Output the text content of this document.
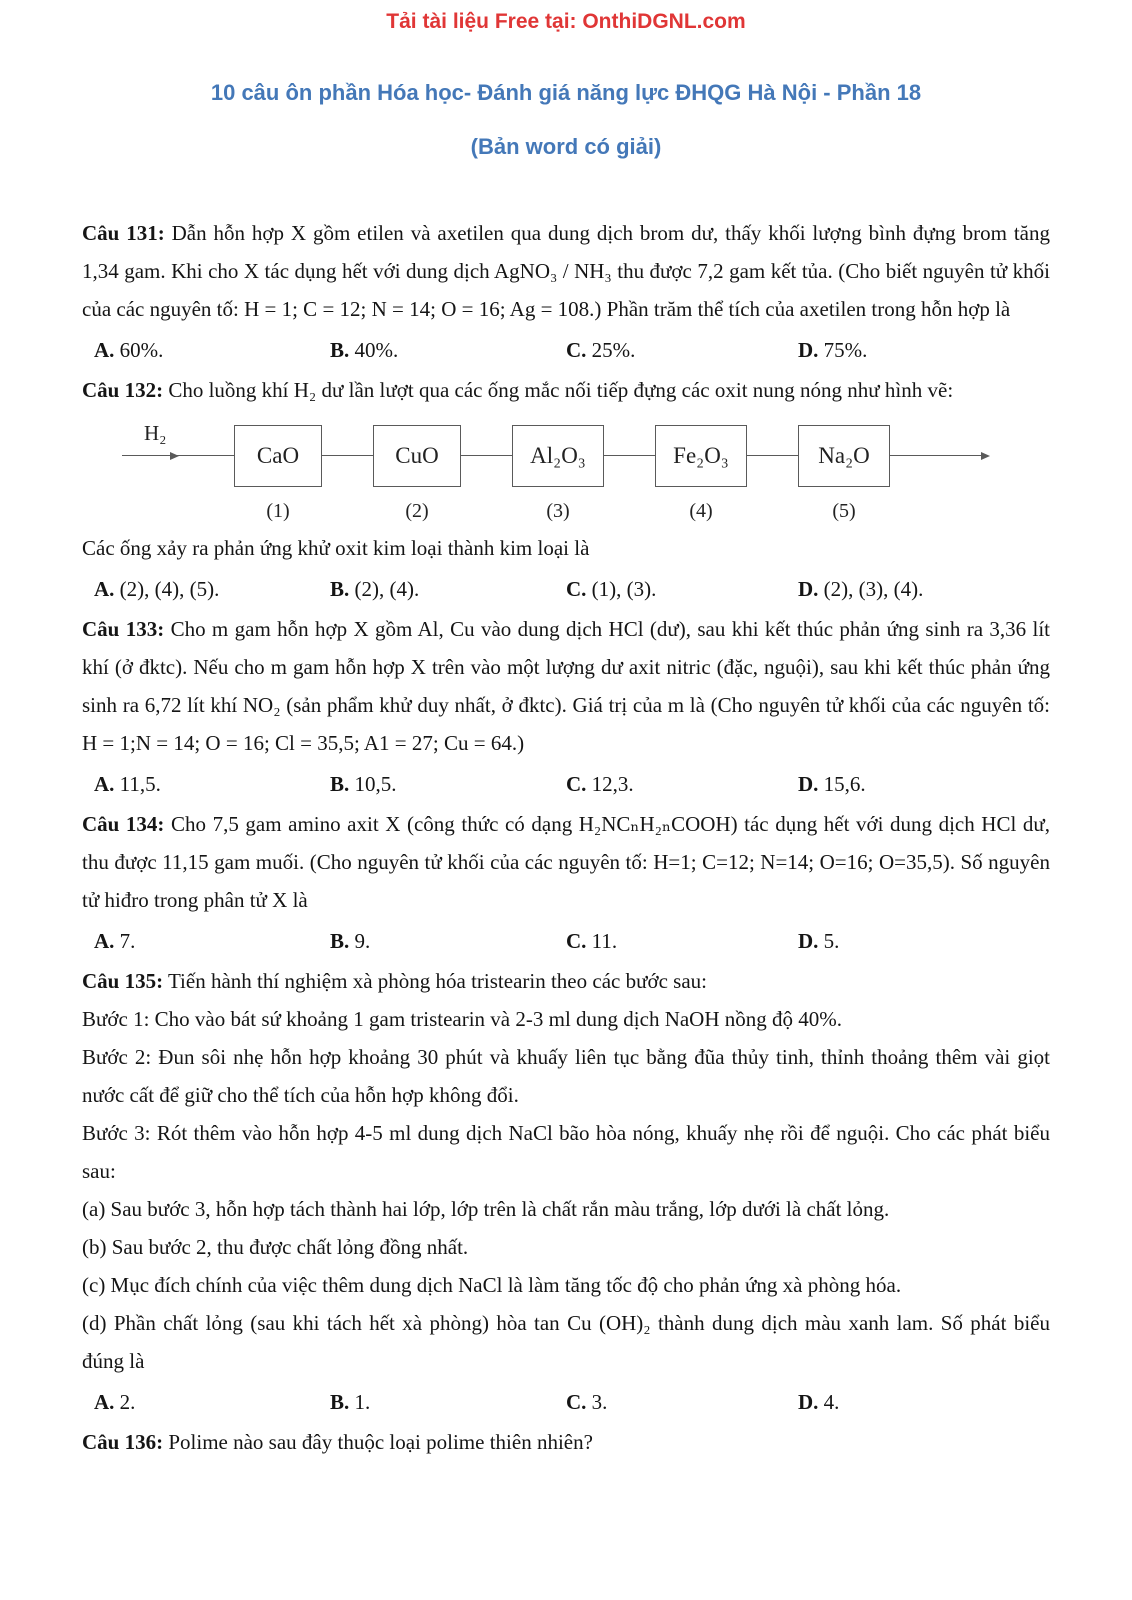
Tải tài liệu Free tại: OnthiDGNL.com
10 câu ôn phần Hóa học- Đánh giá năng lực ĐHQG Hà Nội - Phần 18
(Bản word có giải)

Câu 131: Dẫn hỗn hợp X gồm etilen và axetilen qua dung dịch brom dư, thấy khối lượng bình đựng brom tăng 1,34 gam. Khi cho X tác dụng hết với dung dịch AgNO₃ / NH₃ thu được 7,2 gam kết tủa. (Cho biết nguyên tử khối của các nguyên tố: H = 1; C = 12; N = 14; O = 16; Ag = 108.) Phần trăm thể tích của axetilen trong hỗn hợp là

A. 60%.	B. 40%.	C. 25%.	D. 75%.

Câu 132: Cho luồng khí H₂ dư lần lượt qua các ống mắc nối tiếp đựng các oxit nung nóng như hình vẽ:

H₂
CaO
(1)
CuO
(2)
Al₂O₃
(3)
Fe₂O₃
(4)
Na₂O
(5)

Các ống xảy ra phản ứng khử oxit kim loại thành kim loại là

A. (2), (4), (5).	B. (2), (4).	C. (1), (3).	D. (2), (3), (4).

Câu 133: Cho m gam hỗn hợp X gồm Al, Cu vào dung dịch HCl (dư), sau khi kết thúc phản ứng sinh ra 3,36 lít khí (ở đktc). Nếu cho m gam hỗn hợp X trên vào một lượng dư axit nitric (đặc, nguội), sau khi kết thúc phản ứng sinh ra 6,72 lít khí NO₂ (sản phẩm khử duy nhất, ở đktc). Giá trị của m là (Cho nguyên tử khối của các nguyên tố: H = 1;N = 14; O = 16; Cl = 35,5; A1 = 27; Cu = 64.)

A. 11,5.	B. 10,5.	C. 12,3.	D. 15,6.

Câu 134: Cho 7,5 gam amino axit X (công thức có dạng H₂NCₙH₂ₙCOOH) tác dụng hết với dung dịch HCl dư, thu được 11,15 gam muối. (Cho nguyên tử khối của các nguyên tố: H=1; C=12; N=14; O=16; O=35,5). Số nguyên tử hiđro trong phân tử X là

A. 7.	B. 9.	C. 11.	D. 5.

Câu 135: Tiến hành thí nghiệm xà phòng hóa tristearin theo các bước sau:

Bước 1: Cho vào bát sứ khoảng 1 gam tristearin và 2-3 ml dung dịch NaOH nồng độ 40%.

Bước 2: Đun sôi nhẹ hỗn hợp khoảng 30 phút và khuấy liên tục bằng đũa thủy tinh, thỉnh thoảng thêm vài giọt nước cất để giữ cho thể tích của hỗn hợp không đổi.

Bước 3: Rót thêm vào hỗn hợp 4-5 ml dung dịch NaCl bão hòa nóng, khuấy nhẹ rồi để nguội. Cho các phát biểu sau:

(a) Sau bước 3, hỗn hợp tách thành hai lớp, lớp trên là chất rắn màu trắng, lớp dưới là chất lỏng.

(b) Sau bước 2, thu được chất lỏng đồng nhất.

(c) Mục đích chính của việc thêm dung dịch NaCl là làm tăng tốc độ cho phản ứng xà phòng hóa.

(d) Phần chất lỏng (sau khi tách hết xà phòng) hòa tan Cu (OH)₂ thành dung dịch màu xanh lam. Số phát biểu đúng là

A. 2.	B. 1.	C. 3.	D. 4.

Câu 136: Polime nào sau đây thuộc loại polime thiên nhiên?
